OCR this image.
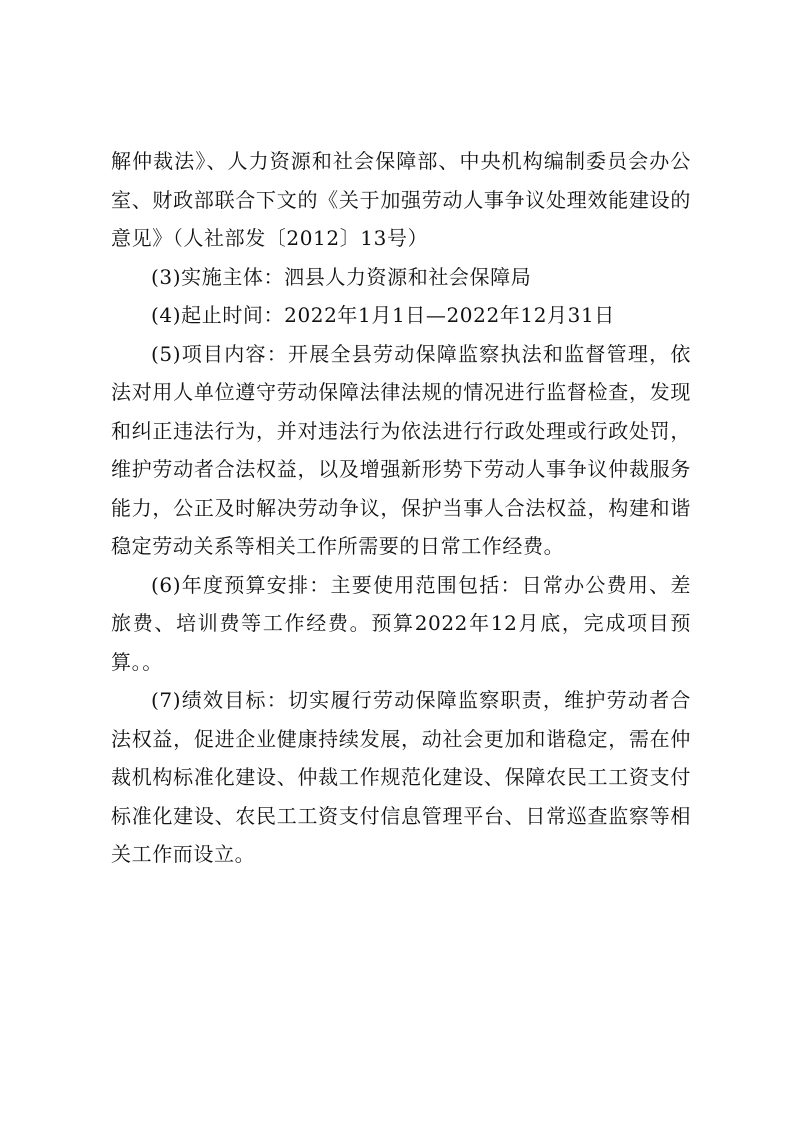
解仲裁法》、人力资源和社会保障部、中央机构编制委员会办公室、财政部联合下文的《关于加强劳动人事争议处理效能建设的意见》（人社部发〔2012〕13号）

(3)实施主体：泗县人力资源和社会保障局

(4)起止时间：2022年1月1日—2022年12月31日

(5)项目内容：开展全县劳动保障监察执法和监督管理，依法对用人单位遵守劳动保障法律法规的情况进行监督检查，发现和纠正违法行为，并对违法行为依法进行行政处理或行政处罚，维护劳动者合法权益，以及增强新形势下劳动人事争议仲裁服务能力，公正及时解决劳动争议，保护当事人合法权益，构建和谐稳定劳动关系等相关工作所需要的日常工作经费。

(6)年度预算安排：主要使用范围包括：日常办公费用、差旅费、培训费等工作经费。预算2022年12月底，完成项目预算。。

(7)绩效目标：切实履行劳动保障监察职责，维护劳动者合法权益，促进企业健康持续发展，动社会更加和谐稳定，需在仲裁机构标准化建设、仲裁工作规范化建设、保障农民工工资支付标准化建设、农民工工资支付信息管理平台、日常巡查监察等相关工作而设立。
